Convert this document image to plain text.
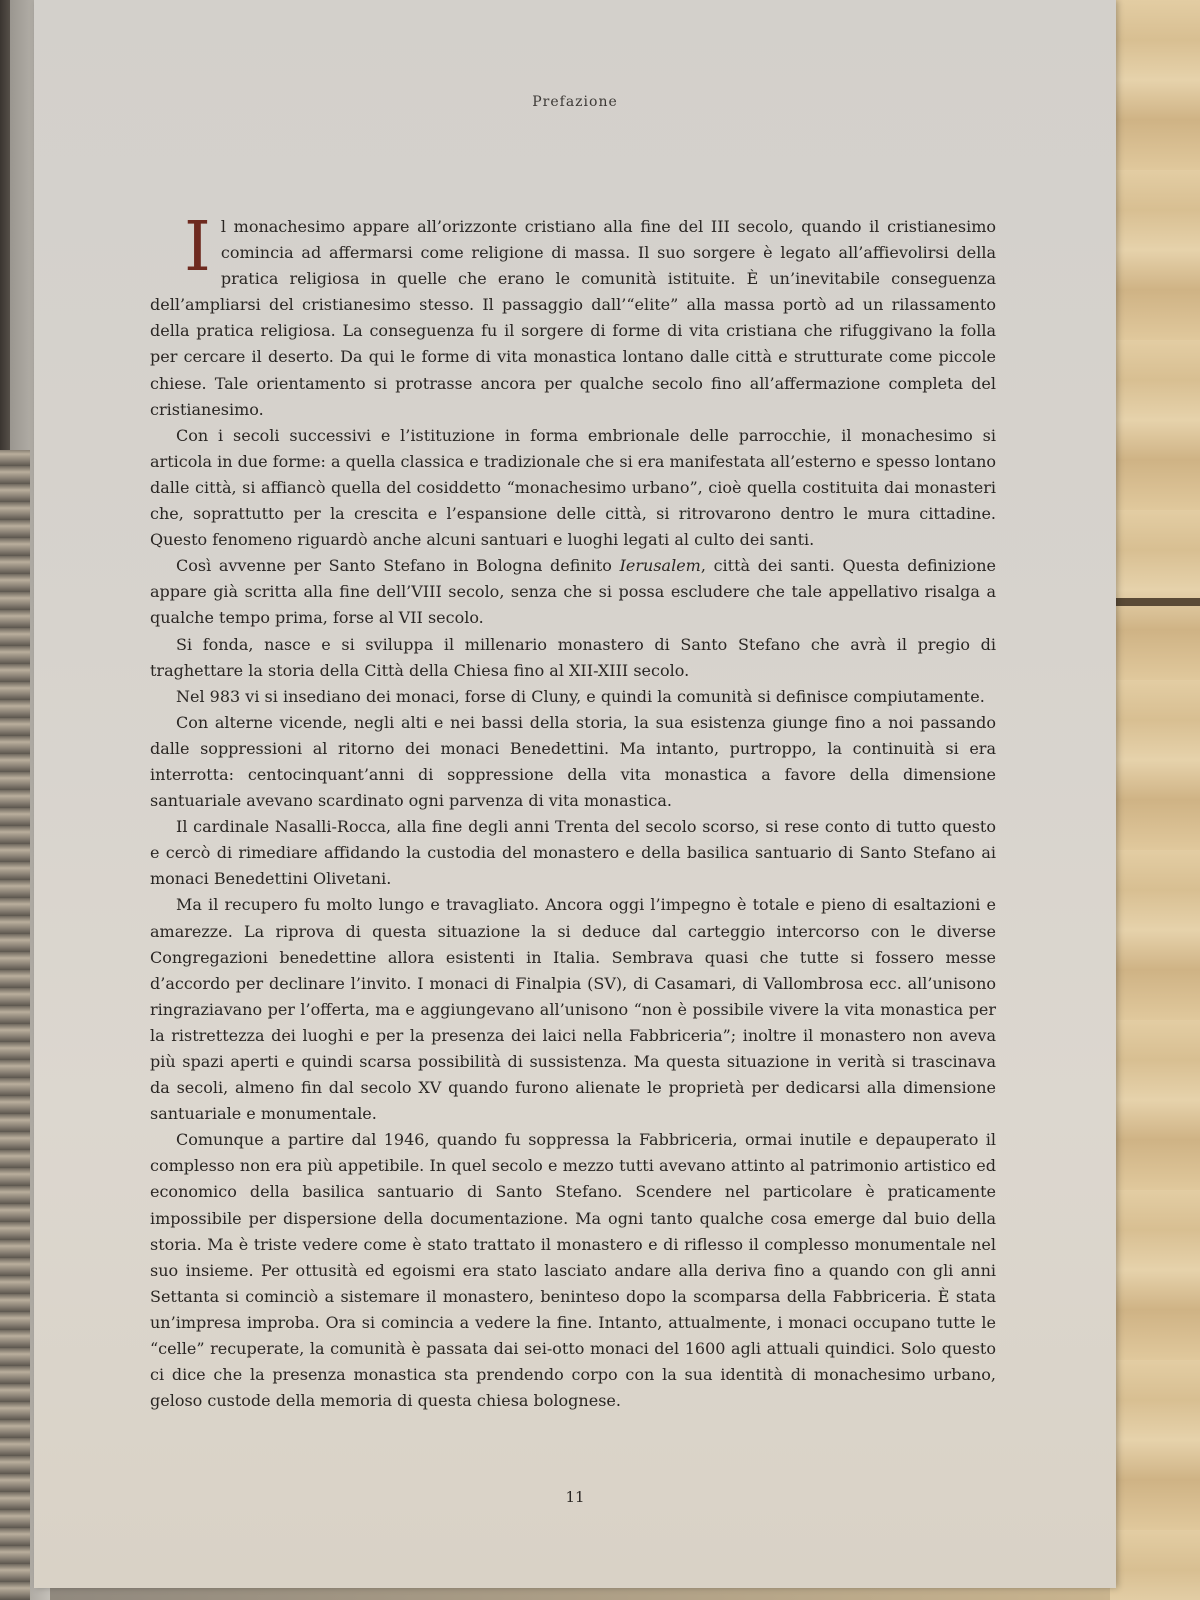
Prefazione

Il monachesimo appare all’orizzonte cristiano alla fine del III secolo, quando il cristianesimo comincia ad affermarsi come religione di massa. Il suo sorgere è legato all’affievolirsi della pratica religiosa in quelle che erano le comunità istituite. È un’inevitabile conseguenza dell’ampliarsi del cristianesimo stesso. Il passaggio dall’“elite” alla massa portò ad un rilassamento della pratica religiosa. La conseguenza fu il sorgere di forme di vita cristiana che rifuggivano la folla per cercare il deserto. Da qui le forme di vita monastica lontano dalle città e strutturate come piccole chiese. Tale orientamento si protrasse ancora per qualche secolo fino all’affermazione completa del cristianesimo.

Con i secoli successivi e l’istituzione in forma embrionale delle parrocchie, il monachesimo si articola in due forme: a quella classica e tradizionale che si era manifestata all’esterno e spesso lontano dalle città, si affiancò quella del cosiddetto “monachesimo urbano”, cioè quella costituita dai monasteri che, soprattutto per la crescita e l’espansione delle città, si ritrovarono dentro le mura cittadine. Questo fenomeno riguardò anche alcuni santuari e luoghi legati al culto dei santi.

Così avvenne per Santo Stefano in Bologna definito Ierusalem, città dei santi. Questa definizione appare già scritta alla fine dell’VIII secolo, senza che si possa escludere che tale appellativo risalga a qualche tempo prima, forse al VII secolo.

Si fonda, nasce e si sviluppa il millenario monastero di Santo Stefano che avrà il pregio di traghettare la storia della Città della Chiesa fino al XII-XIII secolo.

Nel 983 vi si insediano dei monaci, forse di Cluny, e quindi la comunità si definisce compiutamente.

Con alterne vicende, negli alti e nei bassi della storia, la sua esistenza giunge fino a noi passando dalle soppressioni al ritorno dei monaci Benedettini. Ma intanto, purtroppo, la continuità si era interrotta: centocinquant’anni di soppressione della vita monastica a favore della dimensione santuariale avevano scardinato ogni parvenza di vita monastica.

Il cardinale Nasalli-Rocca, alla fine degli anni Trenta del secolo scorso, si rese conto di tutto questo e cercò di rimediare affidando la custodia del monastero e della basilica santuario di Santo Stefano ai monaci Benedettini Olivetani.

Ma il recupero fu molto lungo e travagliato. Ancora oggi l’impegno è totale e pieno di esaltazioni e amarezze. La riprova di questa situazione la si deduce dal carteggio intercorso con le diverse Congregazioni benedettine allora esistenti in Italia. Sembrava quasi che tutte si fossero messe d’accordo per declinare l’invito. I monaci di Finalpia (SV), di Casamari, di Vallombrosa ecc. all’unisono ringraziavano per l’offerta, ma e aggiungevano all’unisono “non è possibile vivere la vita monastica per la ristrettezza dei luoghi e per la presenza dei laici nella Fabbriceria”; inoltre il monastero non aveva più spazi aperti e quindi scarsa possibilità di sussistenza. Ma questa situazione in verità si trascinava da secoli, almeno fin dal secolo XV quando furono alienate le proprietà per dedicarsi alla dimensione santuariale e monumentale.

Comunque a partire dal 1946, quando fu soppressa la Fabbriceria, ormai inutile e depauperato il complesso non era più appetibile. In quel secolo e mezzo tutti avevano attinto al patrimonio artistico ed economico della basilica santuario di Santo Stefano. Scendere nel particolare è praticamente impossibile per dispersione della documentazione. Ma ogni tanto qualche cosa emerge dal buio della storia. Ma è triste vedere come è stato trattato il monastero e di riflesso il complesso monumentale nel suo insieme. Per ottusità ed egoismi era stato lasciato andare alla deriva fino a quando con gli anni Settanta si cominciò a sistemare il monastero, beninteso dopo la scomparsa della Fabbriceria. È stata un’impresa improba. Ora si comincia a vedere la fine. Intanto, attualmente, i monaci occupano tutte le “celle” recuperate, la comunità è passata dai sei-otto monaci del 1600 agli attuali quindici. Solo questo ci dice che la presenza monastica sta prendendo corpo con la sua identità di monachesimo urbano, geloso custode della memoria di questa chiesa bolognese.

11
